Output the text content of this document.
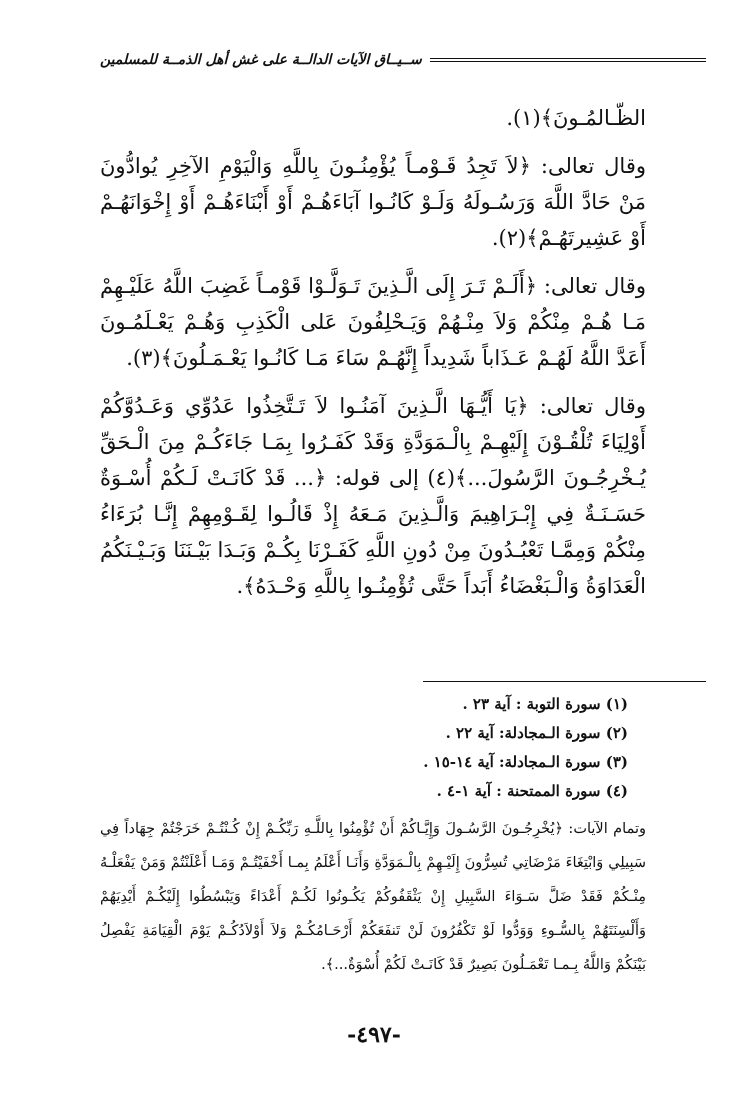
ســيــاق الآيات الدالــة على غش أهل الذمــة للمسلمين

الظّـالمُـونَ﴾(١).

وقال تعالى: ﴿لاَ تَجِدُ قَـوْمـاً يُؤْمِنُـونَ بِاللَّهِ وَالْيَوْمِ الآخِرِ يُوادُّونَ مَنْ حَادَّ اللَّهَ وَرَسُـولَهُ وَلَـوْ كَانُـوا آبَاءَهُـمْ أَوْ أَبْنَاءَهُـمْ أَوْ إِخْوَانَهُـمْ أَوْ عَشِيرتَهُـمْ﴾(٢).

وقال تعالى: ﴿أَلَـمْ تَـرَ إِلَى الَّـذِينَ تَـوَلَّـوْا قَوْمـاً غَضِبَ اللَّهُ عَلَيْـهِمْ مَـا هُـمْ مِنْكُمْ وَلاَ مِنْـهُمْ وَيَـحْلِفُونَ عَلى الْكَذِبِ وَهُـمْ يَعْـلَمُـونَ أَعَدَّ اللَّهُ لَهُـمْ عَـذَاباً شَدِيداً إِنَّهُـمْ سَاءَ مَـا كَانُـوا يَعْـمَـلُونَ﴾(٣).

وقال تعالى: ﴿يَا أَيُّـهَا الَّـذِينَ آمَنُـوا لاَ تَـتَّخِذُوا عَدُوِّي وَعَـدُوَّكُمْ أَوْلِيَاءَ تُلْقُـوْنَ إِلَيْهِـمْ بِالْـمَوَدَّةِ وَقَدْ كَفَـرُوا بِمَـا جَاءَكُـمْ مِنَ الْـحَقِّ يُـخْرِجُـونَ الرَّسُولَ...﴾(٤) إلى قوله: ﴿... قَدْ كَانَـتْ لَـكُمْ أُسْـوَةٌ حَسَـنَـةٌ فِي إِبْـرَاهِيمَ وَالَّـذِينَ مَـعَهُ إِذْ قَالُـوا لِقَـوْمِهِمْ إِنَّـا بُرَءَاءُ مِنْكُمْ وَمِمَّـا تَعْبُـدُونَ مِنْ دُونِ اللَّهِ كَفَـرْنَا بِكُـمْ وَبَـدَا بَيْـنَنَا وَبَـيْـنَكُمُ الْعَدَاوَةُ وَالْـبَغْضَاءُ أَبَداً حَتَّى تُؤْمِنُـوا بِاللَّهِ وَحْـدَهُ﴾.

(١) سورة التوبة : آية ٢٣ .
(٢) سورة الـمجادلة: آية ٢٢ .
(٣) سورة الـمجادلة: آية ١٤-١٥ .
(٤) سورة الممتحنة : آية ١-٤ .

وتمام الآيات: ﴿يُخْرِجُـونَ الرَّسُـولَ وَإِيَّـاكُمْ أَنْ تُؤْمِنُوا بِاللَّـهِ رَبِّكُـمْ إِنْ كُـنْتُـمْ خَرَجْتُمْ جِهَاداً فِي سَبِيلِي وَابْتِغَاءَ مَرْضَاتِي تُسِرُّونَ إِلَيْـهِمْ بِالْـمَوَدَّةِ وَأَنَـا أَعْلَمُ بِمـا أَخْفَيْتُـمْ وَمَـا أَعْلَنْتُمْ وَمَنْ يَفْعَلْـهُ مِنْـكُمْ فَقَدْ ضَلَّ سَـوَاءَ السَّبِيلِ إِنْ يَثْقَفُوكُمْ يَكُـونُوا لَكُـمْ أَعْدَاءً وَيَبْسُطُوا إِلَيْكُـمْ أَيْدِيَهُمْ وَأَلْسِنَتَهُمْ بِالسُّـوءِ وَوَدُّوا لَوْ تَكْفُرُونَ لَنْ تَنفَعَكُمْ أَرْحَـامُكُـمْ وَلاَ أَوْلاَدُكُـمْ يَوْمَ الْقِيَامَةِ يَفْصِلُ بَيْنَكُمْ وَاللَّهُ بِـمـا تَعْمَـلُونَ بَصِيرٌ قَدْ كَانَـتْ لَكُمْ أُسْوَةٌ...﴾.

-٤٩٧-
